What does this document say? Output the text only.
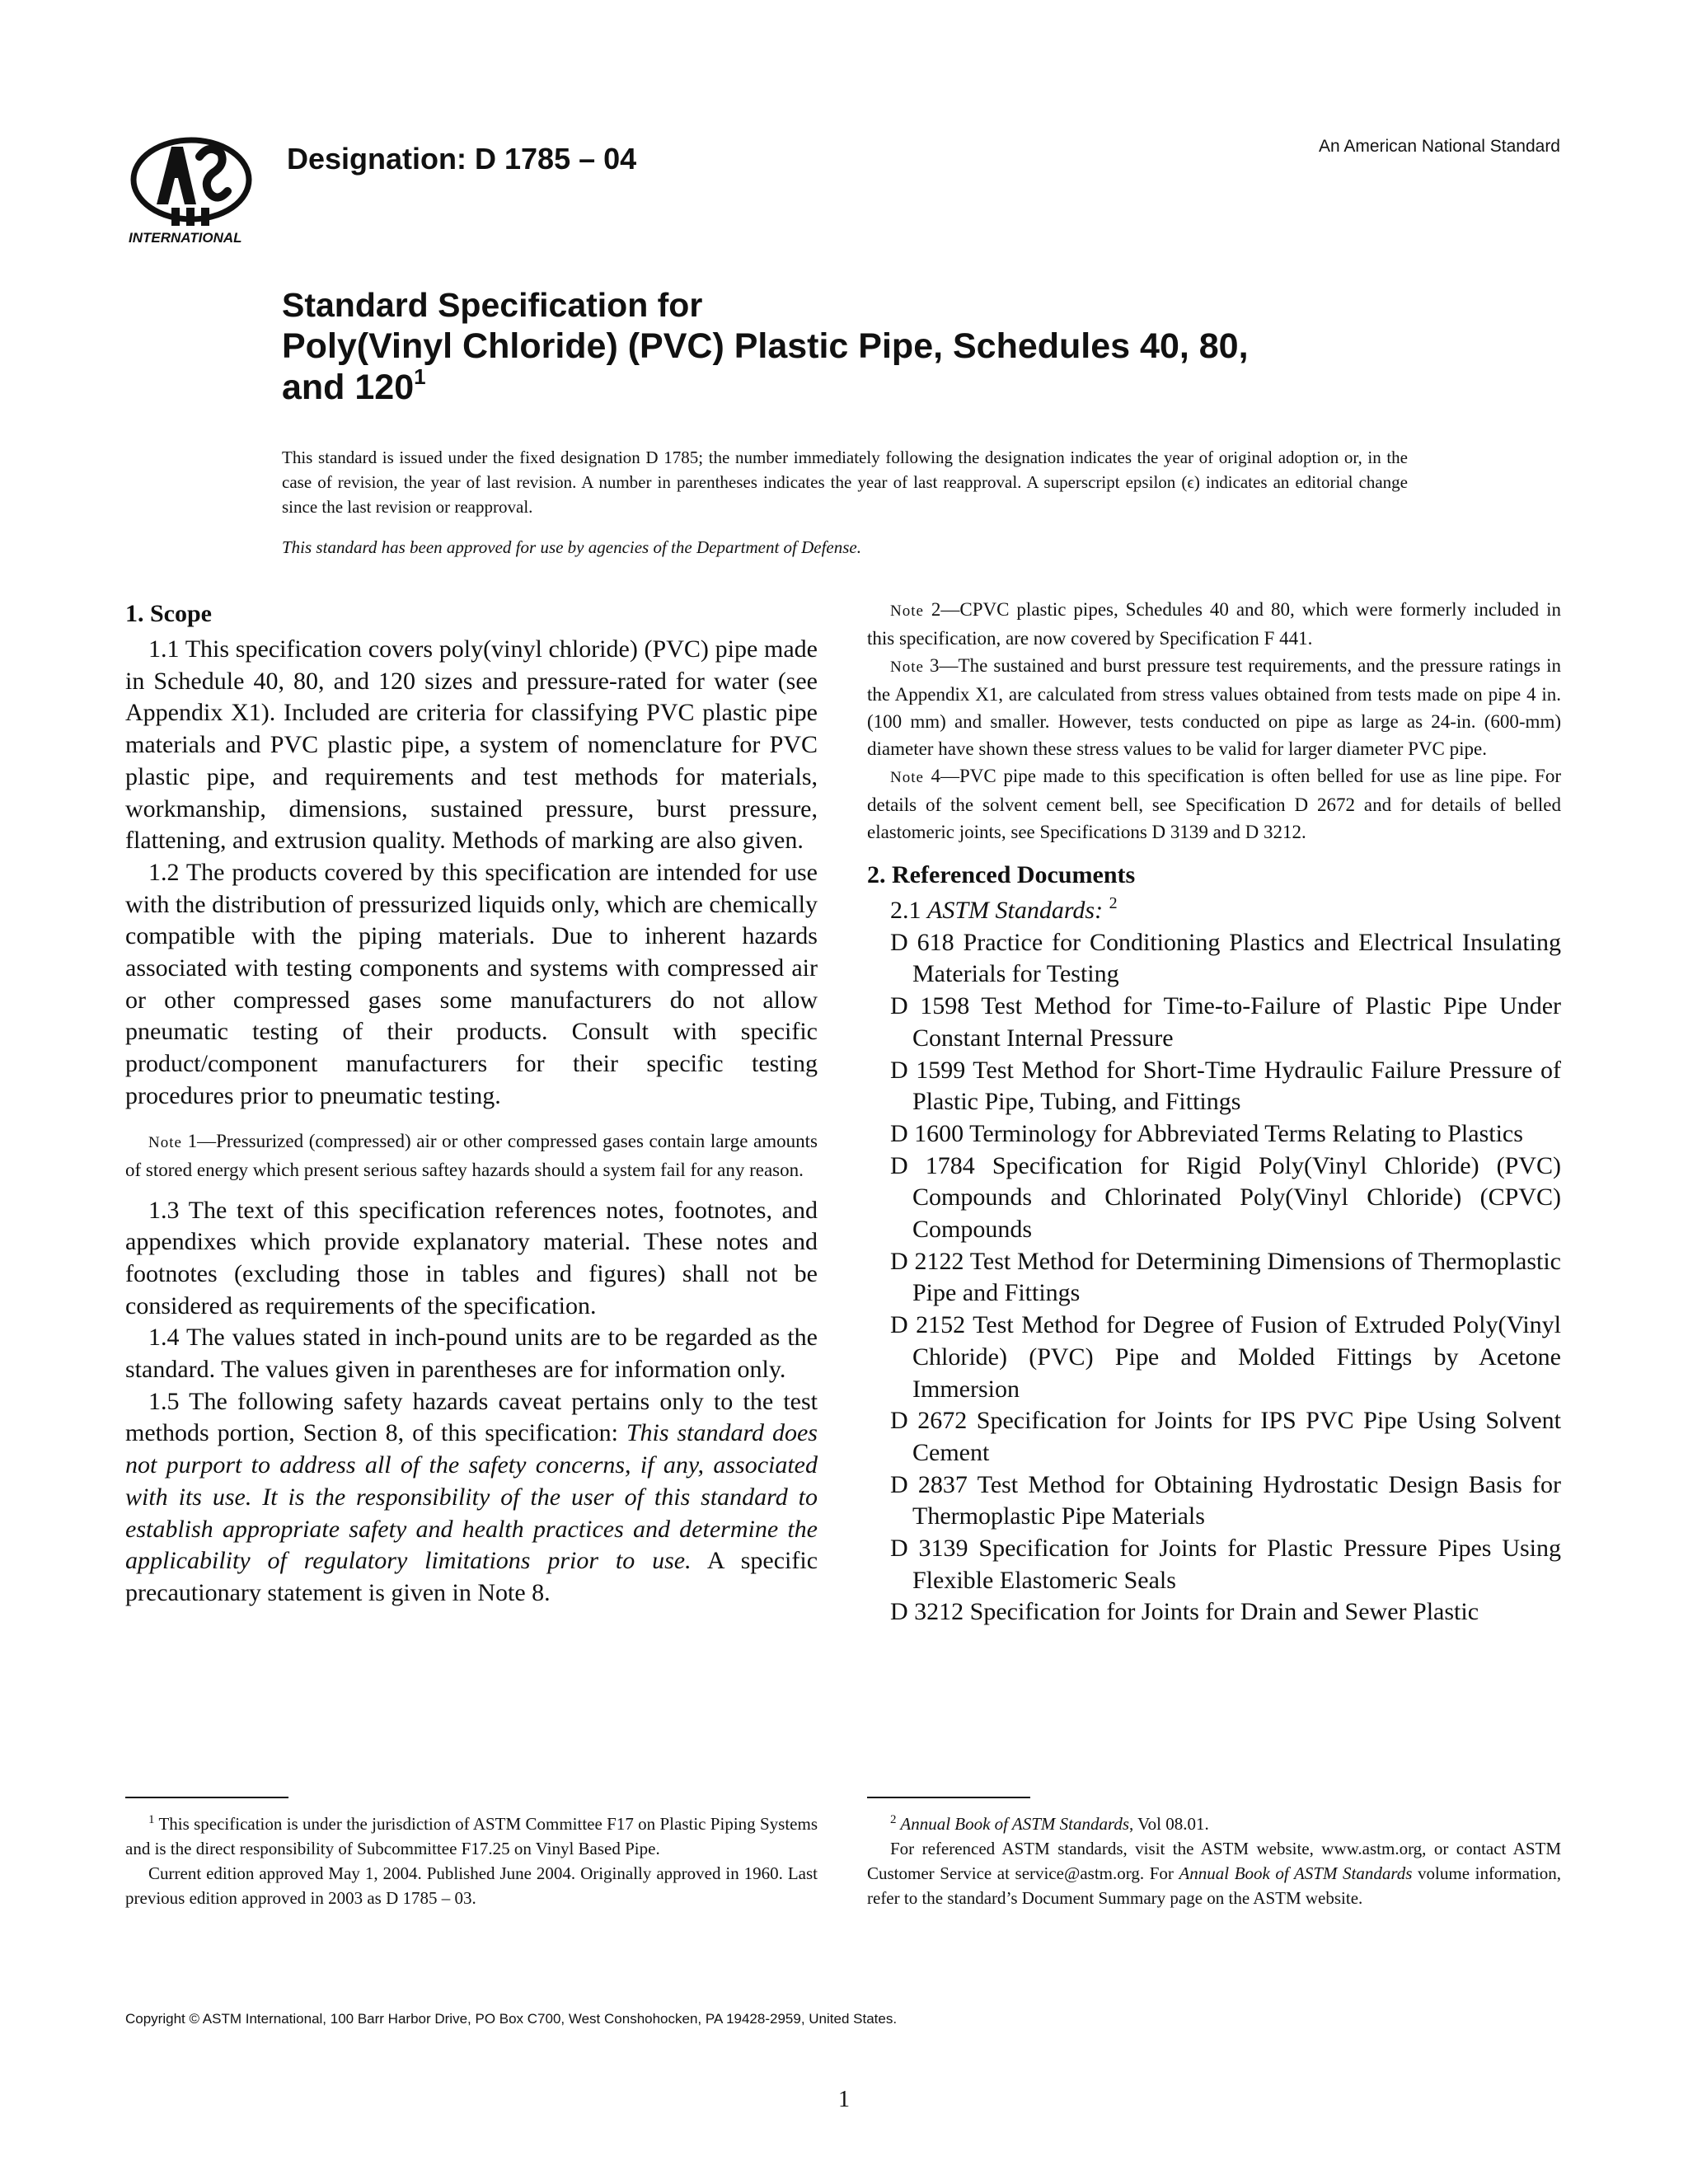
INTERNATIONAL
Designation: D 1785 – 04	An American National Standard
Standard Specification for
Poly(Vinyl Chloride) (PVC) Plastic Pipe, Schedules 40, 80,
and $120^1$
This standard is issued under the fixed designation D 1785; the number immediately following the designation indicates the year of original adoption or, in the case of revision, the year of last revision. A number in parentheses indicates the year of last reapproval. A superscript epsilon (ϵ) indicates an editorial change since the last revision or reapproval.
This standard has been approved for use by agencies of the Department of Defense.
1. Scope

1.1 This specification covers poly(vinyl chloride) (PVC) pipe made in Schedule 40, 80, and 120 sizes and pressure-rated for water (see Appendix X1). Included are criteria for classifying PVC plastic pipe materials and PVC plastic pipe, a system of nomenclature for PVC plastic pipe, and requirements and test methods for materials, workmanship, dimensions, sustained pressure, burst pressure, flattening, and extrusion quality. Methods of marking are also given.

1.2 The products covered by this specification are intended for use with the distribution of pressurized liquids only, which are chemically compatible with the piping materials. Due to inherent hazards associated with testing components and systems with compressed air or other compressed gases some manufacturers do not allow pneumatic testing of their products. Consult with specific product/component manufacturers for their specific testing procedures prior to pneumatic testing.

Note 1—Pressurized (compressed) air or other compressed gases contain large amounts of stored energy which present serious saftey hazards should a system fail for any reason.

1.3 The text of this specification references notes, footnotes, and appendixes which provide explanatory material. These notes and footnotes (excluding those in tables and figures) shall not be considered as requirements of the specification.

1.4 The values stated in inch-pound units are to be regarded as the standard. The values given in parentheses are for information only.

1.5 The following safety hazards caveat pertains only to the test methods portion, Section 8, of this specification: This standard does not purport to address all of the safety concerns, if any, associated with its use. It is the responsibility of the user of this standard to establish appropriate safety and health practices and determine the applicability of regulatory limitations prior to use. A specific precautionary statement is given in Note 8.

Note 2—CPVC plastic pipes, Schedules 40 and 80, which were formerly included in this specification, are now covered by Specification F 441.

Note 3—The sustained and burst pressure test requirements, and the pressure ratings in the Appendix X1, are calculated from stress values obtained from tests made on pipe 4 in. (100 mm) and smaller. However, tests conducted on pipe as large as 24-in. (600-mm) diameter have shown these stress values to be valid for larger diameter PVC pipe.

Note 4—PVC pipe made to this specification is often belled for use as line pipe. For details of the solvent cement bell, see Specification D 2672 and for details of belled elastomeric joints, see Specifications D 3139 and D 3212.

2. Referenced Documents

2.1 ASTM Standards: $^2$

D 618 Practice for Conditioning Plastics and Electrical Insulating Materials for Testing

D 1598 Test Method for Time-to-Failure of Plastic Pipe Under Constant Internal Pressure

D 1599 Test Method for Short-Time Hydraulic Failure Pressure of Plastic Pipe, Tubing, and Fittings

D 1600 Terminology for Abbreviated Terms Relating to Plastics

D 1784 Specification for Rigid Poly(Vinyl Chloride) (PVC) Compounds and Chlorinated Poly(Vinyl Chloride) (CPVC) Compounds

D 2122 Test Method for Determining Dimensions of Thermoplastic Pipe and Fittings

D 2152 Test Method for Degree of Fusion of Extruded Poly(Vinyl Chloride) (PVC) Pipe and Molded Fittings by Acetone Immersion

D 2672 Specification for Joints for IPS PVC Pipe Using Solvent Cement

D 2837 Test Method for Obtaining Hydrostatic Design Basis for Thermoplastic Pipe Materials

D 3139 Specification for Joints for Plastic Pressure Pipes Using Flexible Elastomeric Seals

D 3212 Specification for Joints for Drain and Sewer Plastic

$^1$ This specification is under the jurisdiction of ASTM Committee F17 on Plastic Piping Systems and is the direct responsibility of Subcommittee F17.25 on Vinyl Based Pipe.

Current edition approved May 1, 2004. Published June 2004. Originally approved in 1960. Last previous edition approved in 2003 as D 1785 – 03.

$^2$ Annual Book of ASTM Standards, Vol 08.01.

For referenced ASTM standards, visit the ASTM website, www.astm.org, or contact ASTM Customer Service at service@astm.org. For Annual Book of ASTM Standards volume information, refer to the standard’s Document Summary page on the ASTM website.

Copyright © ASTM International, 100 Barr Harbor Drive, PO Box C700, West Conshohocken, PA 19428-2959, United States.
1
